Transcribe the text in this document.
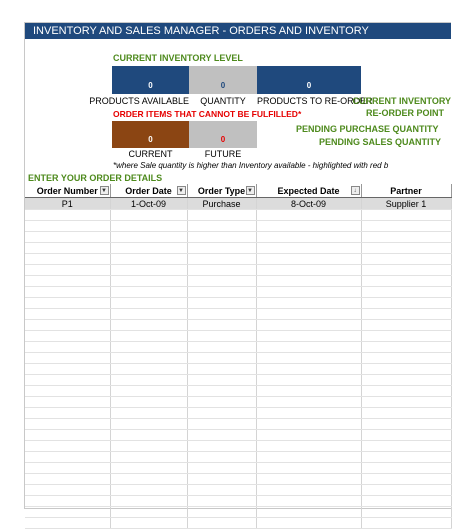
INVENTORY AND SALES MANAGER - ORDERS AND INVENTORY
CURRENT INVENTORY LEVEL
0	0	0
PRODUCTS AVAILABLE	QUANTITY	PRODUCTS TO RE-ORDER
CURRENT INVENTORY
RE-ORDER POINT
ORDER ITEMS THAT CANNOT BE FULFILLED*
PENDING PURCHASE QUANTITY
0	0	PENDING SALES QUANTITY
CURRENT	FUTURE
*where Sale quantity is higher than Inventory available - highlighted with red b
ENTER YOUR ORDER DETAILS
Order Number ▼	Order Date ▼	Order Type ▼	Expected Date ↓	Partner
P1	1-Oct-09	Purchase	8-Oct-09	Supplier 1
